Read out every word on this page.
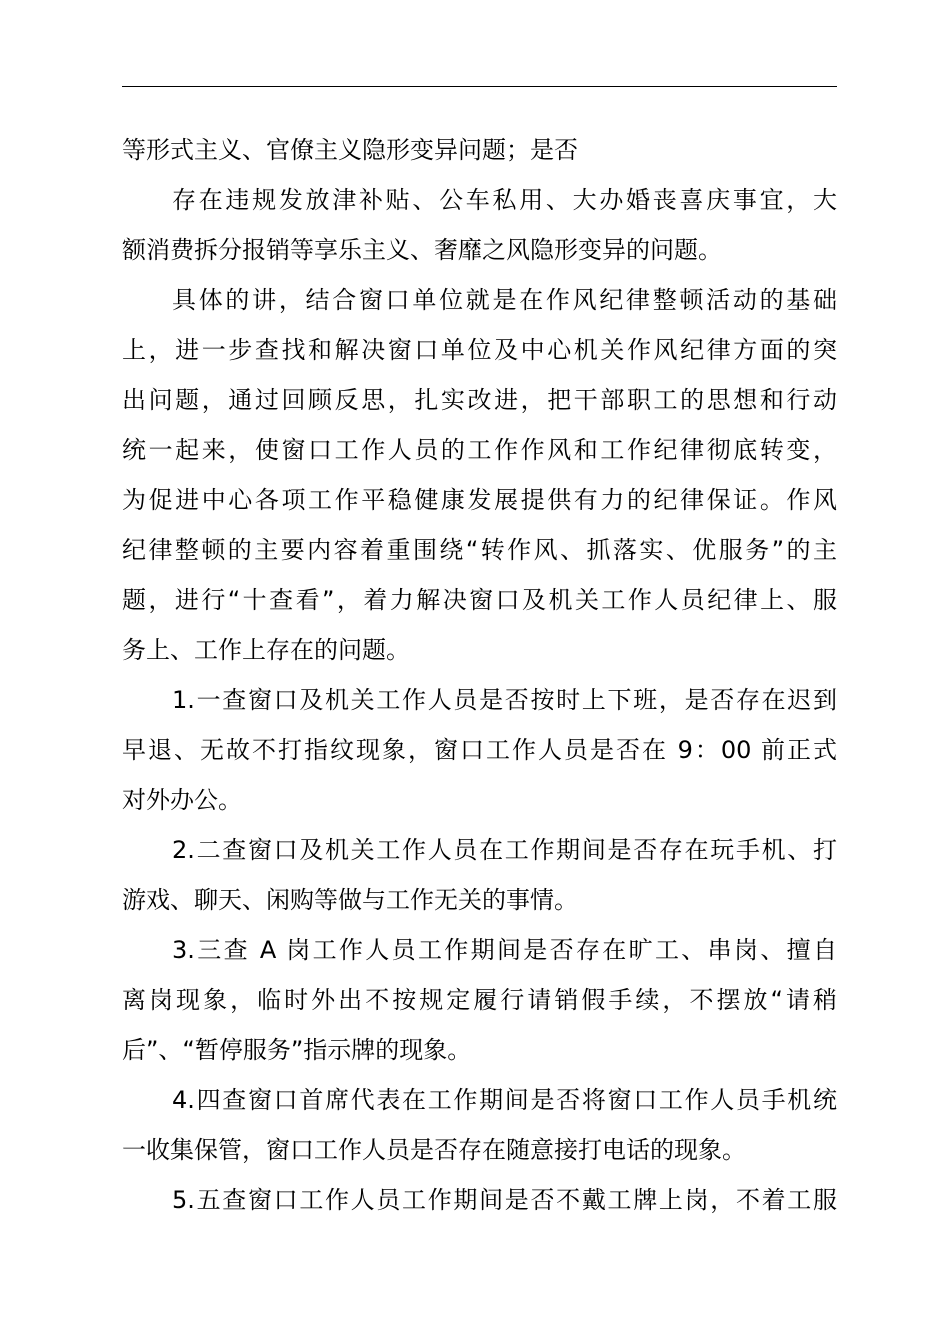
等形式主义、官僚主义隐形变异问题；是否
存在违规发放津补贴、公车私用、大办婚丧喜庆事宜，大
额消费拆分报销等享乐主义、奢靡之风隐形变异的问题。
具体的讲，结合窗口单位就是在作风纪律整顿活动的基础
上，进一步查找和解决窗口单位及中心机关作风纪律方面的突
出问题，通过回顾反思，扎实改进，把干部职工的思想和行动
统一起来，使窗口工作人员的工作作风和工作纪律彻底转变，
为促进中心各项工作平稳健康发展提供有力的纪律保证。作风
纪律整顿的主要内容着重围绕“转作风、抓落实、优服务”的主
题，进行“十查看”，着力解决窗口及机关工作人员纪律上、服
务上、工作上存在的问题。
1.一查窗口及机关工作人员是否按时上下班，是否存在迟到
早退、无故不打指纹现象，窗口工作人员是否在 9：00 前正式
对外办公。
2.二查窗口及机关工作人员在工作期间是否存在玩手机、打
游戏、聊天、闲购等做与工作无关的事情。
3.三查 A 岗工作人员工作期间是否存在旷工、串岗、擅自
离岗现象，临时外出不按规定履行请销假手续，不摆放“请稍
后”、“暂停服务”指示牌的现象。
4.四查窗口首席代表在工作期间是否将窗口工作人员手机统
一收集保管，窗口工作人员是否存在随意接打电话的现象。
5.五查窗口工作人员工作期间是否不戴工牌上岗，不着工服
